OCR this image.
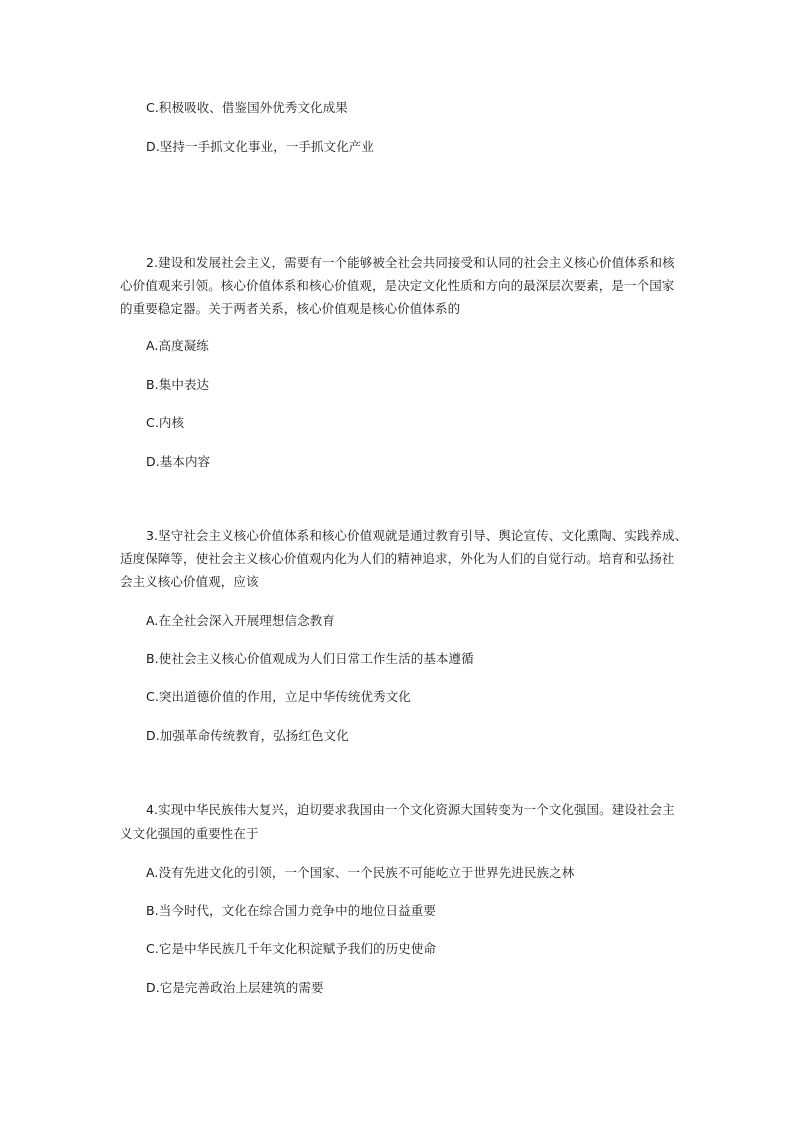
C.积极吸收、借鉴国外优秀文化成果
D.坚持一手抓文化事业，一手抓文化产业
2.建设和发展社会主义，需要有一个能够被全社会共同接受和认同的社会主义核心价值体系和核
心价值观来引领。核心价值体系和核心价值观，是决定文化性质和方向的最深层次要素，是一个国家
的重要稳定器。关于两者关系，核心价值观是核心价值体系的
A.高度凝练
B.集中表达
C.内核
D.基本内容
3.坚守社会主义核心价值体系和核心价值观就是通过教育引导、舆论宣传、文化熏陶、实践养成、
适度保障等，使社会主义核心价值观内化为人们的精神追求，外化为人们的自觉行动。培育和弘扬社
会主义核心价值观，应该
A.在全社会深入开展理想信念教育
B.使社会主义核心价值观成为人们日常工作生活的基本遵循
C.突出道德价值的作用，立足中华传统优秀文化
D.加强革命传统教育，弘扬红色文化
4.实现中华民族伟大复兴，迫切要求我国由一个文化资源大国转变为一个文化强国。建设社会主
义文化强国的重要性在于
A.没有先进文化的引领，一个国家、一个民族不可能屹立于世界先进民族之林
B.当今时代，文化在综合国力竞争中的地位日益重要
C.它是中华民族几千年文化积淀赋予我们的历史使命
D.它是完善政治上层建筑的需要
